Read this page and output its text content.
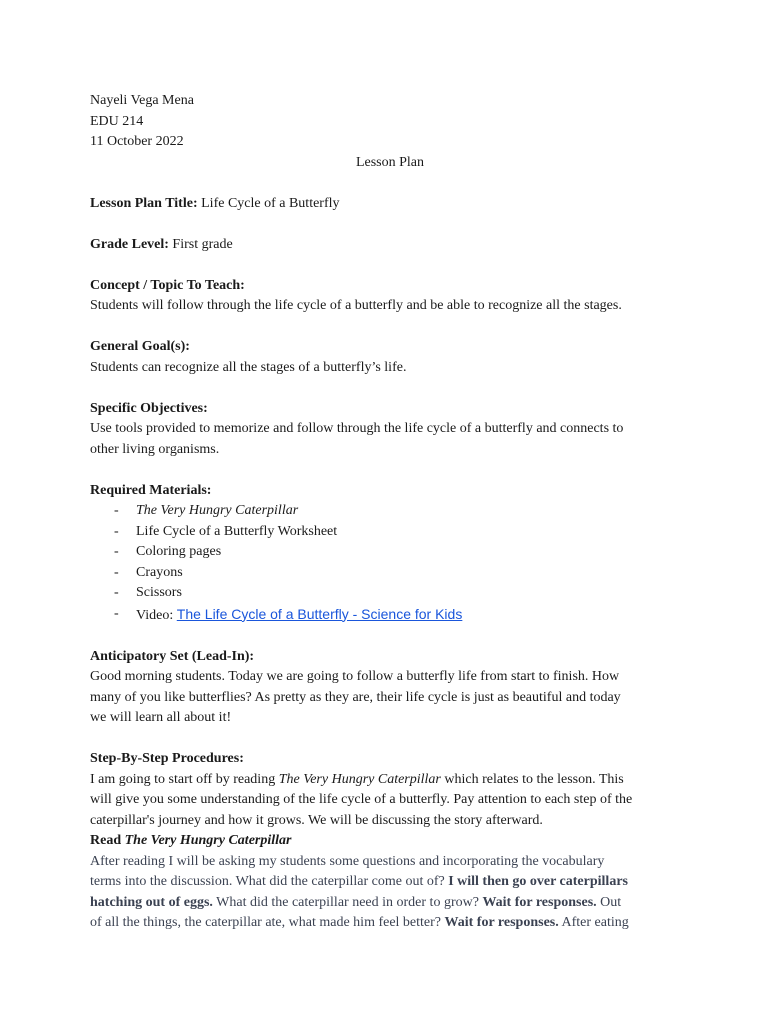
Nayeli Vega Mena
EDU 214
11 October 2022
Lesson Plan
Lesson Plan Title: Life Cycle of a Butterfly
Grade Level: First grade
Concept / Topic To Teach:
Students will follow through the life cycle of a butterfly and be able to recognize all the stages.
General Goal(s):
Students can recognize all the stages of a butterfly’s life.
Specific Objectives:
Use tools provided to memorize and follow through the life cycle of a butterfly and connects to
other living organisms.
Required Materials:
- The Very Hungry Caterpillar
- Life Cycle of a Butterfly Worksheet
- Coloring pages
- Crayons
- Scissors
- Video: The Life Cycle of a Butterfly - Science for Kids
Anticipatory Set (Lead-In):
Good morning students. Today we are going to follow a butterfly life from start to finish. How
many of you like butterflies? As pretty as they are, their life cycle is just as beautiful and today
we will learn all about it!
Step-By-Step Procedures:
I am going to start off by reading The Very Hungry Caterpillar which relates to the lesson. This
will give you some understanding of the life cycle of a butterfly. Pay attention to each step of the
caterpillar's journey and how it grows. We will be discussing the story afterward.
Read The Very Hungry Caterpillar
After reading I will be asking my students some questions and incorporating the vocabulary
terms into the discussion. What did the caterpillar come out of? I will then go over caterpillars
hatching out of eggs. What did the caterpillar need in order to grow? Wait for responses. Out
of all the things, the caterpillar ate, what made him feel better? Wait for responses. After eating
